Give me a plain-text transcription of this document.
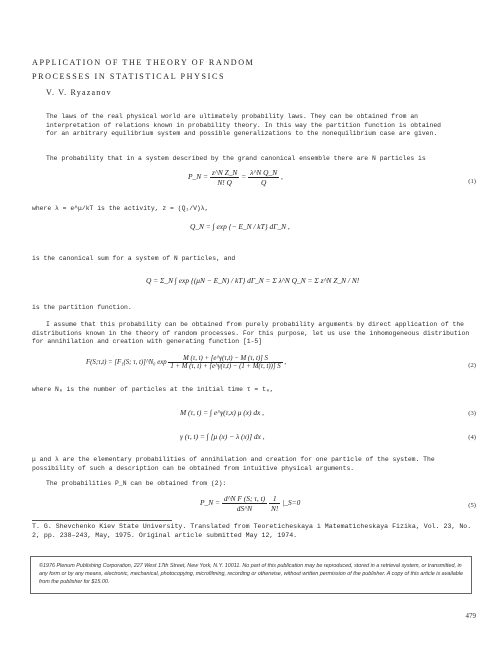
APPLICATION OF THE THEORY OF RANDOM
PROCESSES IN STATISTICAL PHYSICS
V. V. Ryazanov
The laws of the real physical world are ultimately probability laws. They can be obtained from an interpretation of relations known in probability theory. In this way the partition function is obtained for an arbitrary equilibrium system and possible generalizations to the nonequilibrium case are given.
The probability that in a system described by the grand canonical ensemble there are N particles is
P_N = $\frac{\text{z\textasciicircum{}N Z\_N}}{N! Q} = \frac{\text{λ\textasciicircum{}N Q\_N}}{Q}$ ,
(1)
where λ = e^μ/kT is the activity, z = (Q₁/V)λ,
Q_N = ∫ exp {− E_N / kT} dΓ_N ,
is the canonical sum for a system of N particles, and
Q = Σ_N ∫ exp {(μN − E_N) / kT} dΓ_N = Σ λ^N Q_N = Σ z^N Z_N / N!
is the partition function.
I assume that this probability can be obtained from purely probability arguments by direct application of the distributions known in the theory of random processes. For this purpose, let us use the inhomogeneous distribution for annihilation and creation with generating function [1-5]
F(S;τ,t) = [F₁(S; τ, t)]^N₀ $\exp \frac{M (\tau, t) + [e\^{}\gamma(\tau,t) - M (\tau, t)] S}{1 + M (\tau, t) + [e\^{}\gamma(\tau,t) - (1 + M(\tau, t))] S}$ ,	(2)
where N₀ is the number of particles at the initial time τ = t₀,
M (τ, t) = ∫ e^γ(τ,x) μ (x) dx ,	(3)
γ (τ, t) = ∫ [μ (x) − λ (x)] dx ,	(4)
μ and λ are the elementary probabilities of annihilation and creation for one particle of the system. The possibility of such a description can be obtained from intuitive physical arguments.
The probabilities P_N can be obtained from (2):
P_N = $\frac{\text{d\textasciicircum{}N F (S; τ, t)}}{dS\^{}N}$
$\frac{1}{N!}$ |_S=0	(5)
T. G. Shevchenko Kiev State University. Translated from Teoreticheskaya i Matematicheskaya Fizika, Vol. 23, No. 2, pp. 238–243, May, 1975. Original article submitted May 12, 1974.
©1976 Plenum Publishing Corporation, 227 West 17th Street, New York, N.Y. 10011. No part of this publication may be reproduced, stored in a retrieval system, or transmitted, in any form or by any means, electronic, mechanical, photocopying, microfilming, recording or otherwise, without written permission of the publisher. A copy of this article is available from the publisher for $15.00.
479
